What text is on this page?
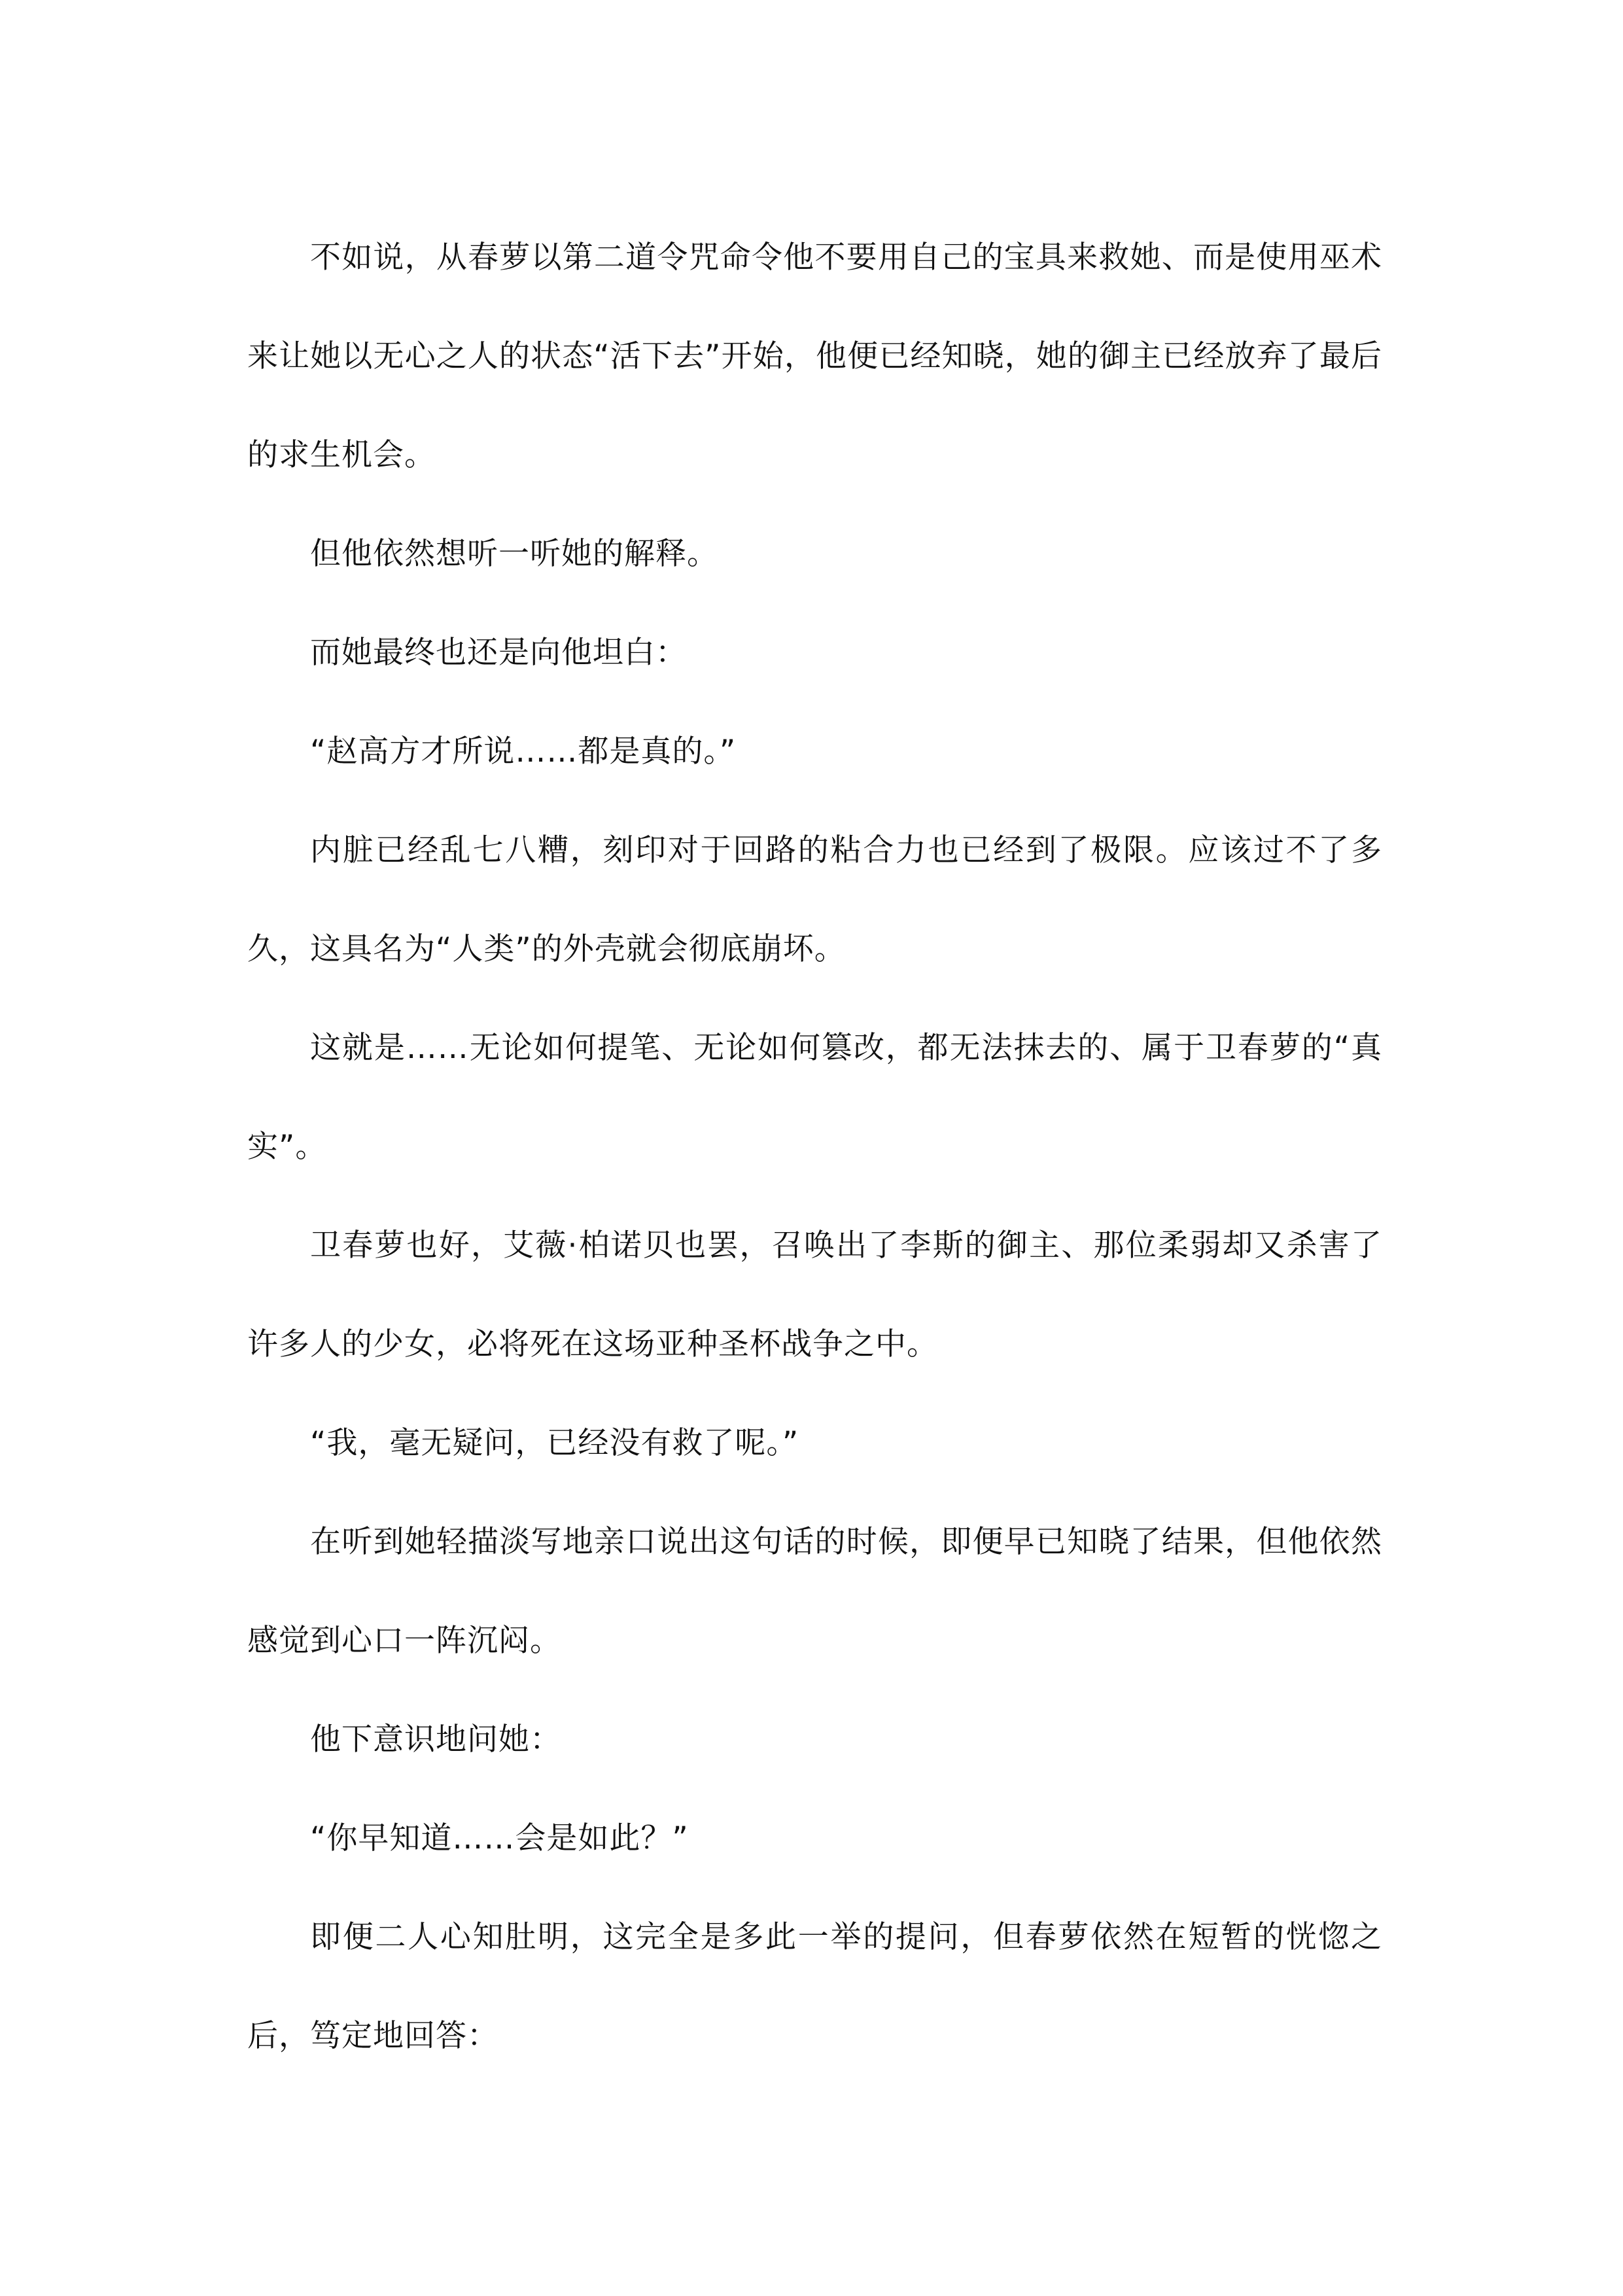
不如说，从春萝以第二道令咒命令他不要用自己的宝具来救她、而是使用巫术来让她以无心之人的状态“活下去”开始，他便已经知晓，她的御主已经放弃了最后的求生机会。

但他依然想听一听她的解释。

而她最终也还是向他坦白：

“赵高方才所说……都是真的。”

内脏已经乱七八糟，刻印对于回路的粘合力也已经到了极限。应该过不了多久，这具名为“人类”的外壳就会彻底崩坏。

这就是……无论如何提笔、无论如何篡改，都无法抹去的、属于卫春萝的“真实”。

卫春萝也好，艾薇·柏诺贝也罢，召唤出了李斯的御主、那位柔弱却又杀害了许多人的少女，必将死在这场亚种圣杯战争之中。

“我，毫无疑问，已经没有救了呢。”

在听到她轻描淡写地亲口说出这句话的时候，即便早已知晓了结果，但他依然感觉到心口一阵沉闷。

他下意识地问她：

“你早知道……会是如此？”

即便二人心知肚明，这完全是多此一举的提问，但春萝依然在短暂的恍惚之后，笃定地回答：
